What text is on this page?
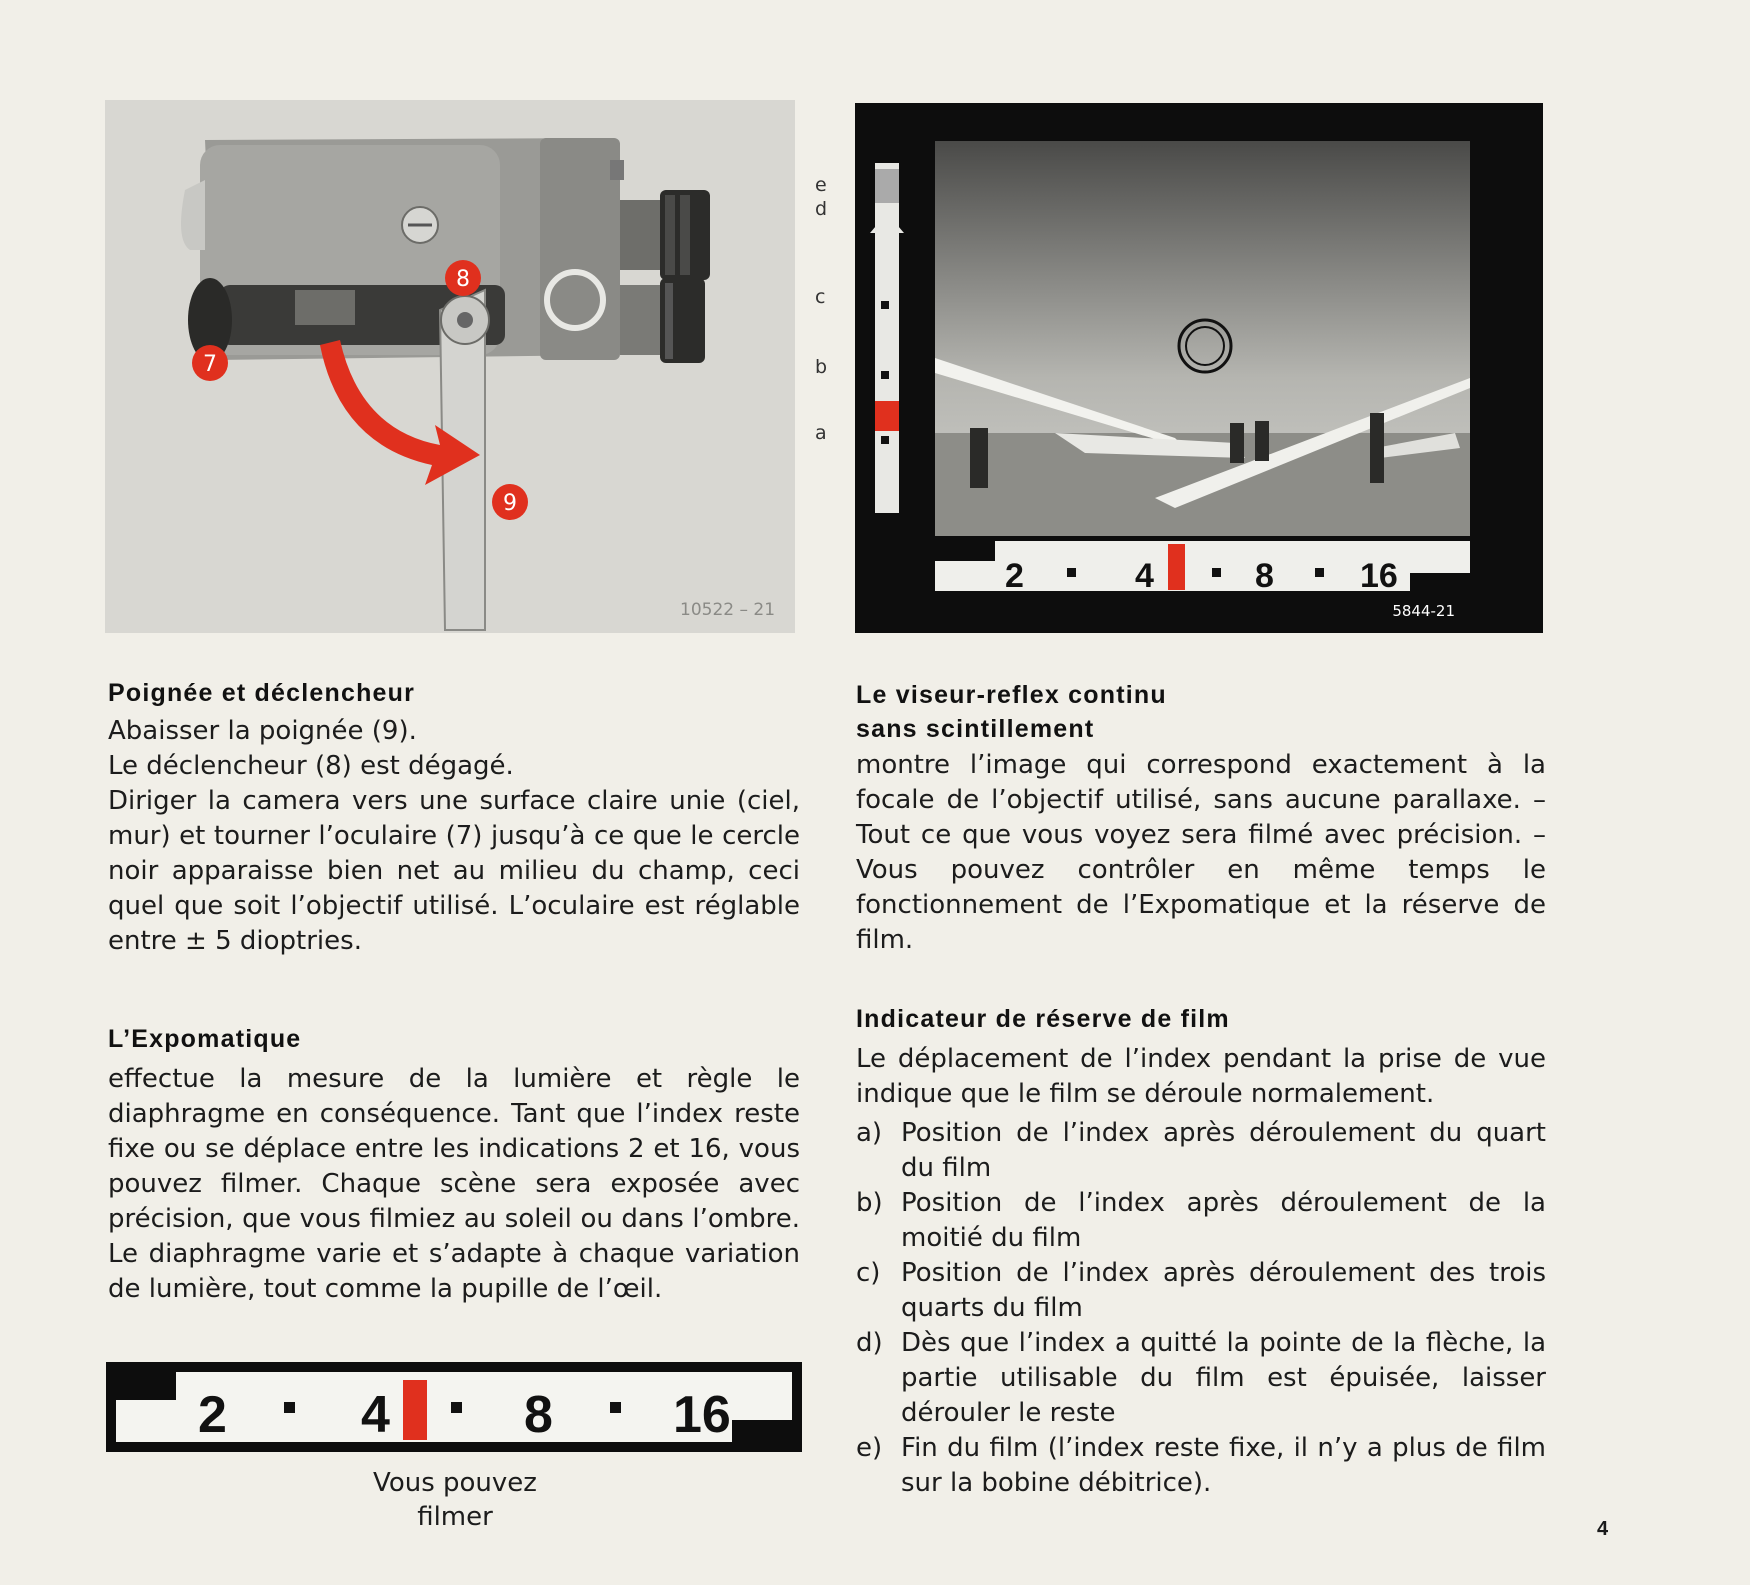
7
8
9
10522 – 21
e
d
c
b
a
2	4	8	16
5844-21
Poignée et déclencheur

Abaisser la poignée (9).

Le déclencheur (8) est dégagé.

Diriger la camera vers une surface claire unie (ciel, mur) et tourner l’oculaire (7) jusqu’à ce que le cercle noir apparaisse bien net au milieu du champ, ceci quel que soit l’objectif utilisé. L’oculaire est réglable entre ± 5 dioptries.

L’Expomatique

effectue la mesure de la lumière et règle le diaphragme en conséquence. Tant que l’index reste fixe ou se déplace entre les indications 2 et 16, vous pouvez filmer. Chaque scène sera exposée avec précision, que vous filmiez au soleil ou dans l’ombre. Le diaphragme varie et s’adapte à chaque variation de lumière, tout comme la pupille de l’œil.

2	4	8 16
Vous pouvez
filmer
Le viseur-reflex continu
sans scintillement

montre l’image qui correspond exactement à la focale de l’objectif utilisé, sans aucune parallaxe. – Tout ce que vous voyez sera filmé avec précision. – Vous pouvez contrôler en même temps le fonctionnement de l’Expomatique et la réserve de film.

Indicateur de réserve de film

Le déplacement de l’index pendant la prise de vue indique que le film se déroule normalement.

a) Position de l’index après déroulement du quart du film
b) Position de l’index après déroulement de la moitié du film
c) Position de l’index après déroulement des trois quarts du film
d) Dès que l’index a quitté la pointe de la flèche, la partie utilisable du film est épuisée, laisser dérouler le reste
e) Fin du film (l’index reste fixe, il n’y a plus de film sur la bobine débitrice).
4
